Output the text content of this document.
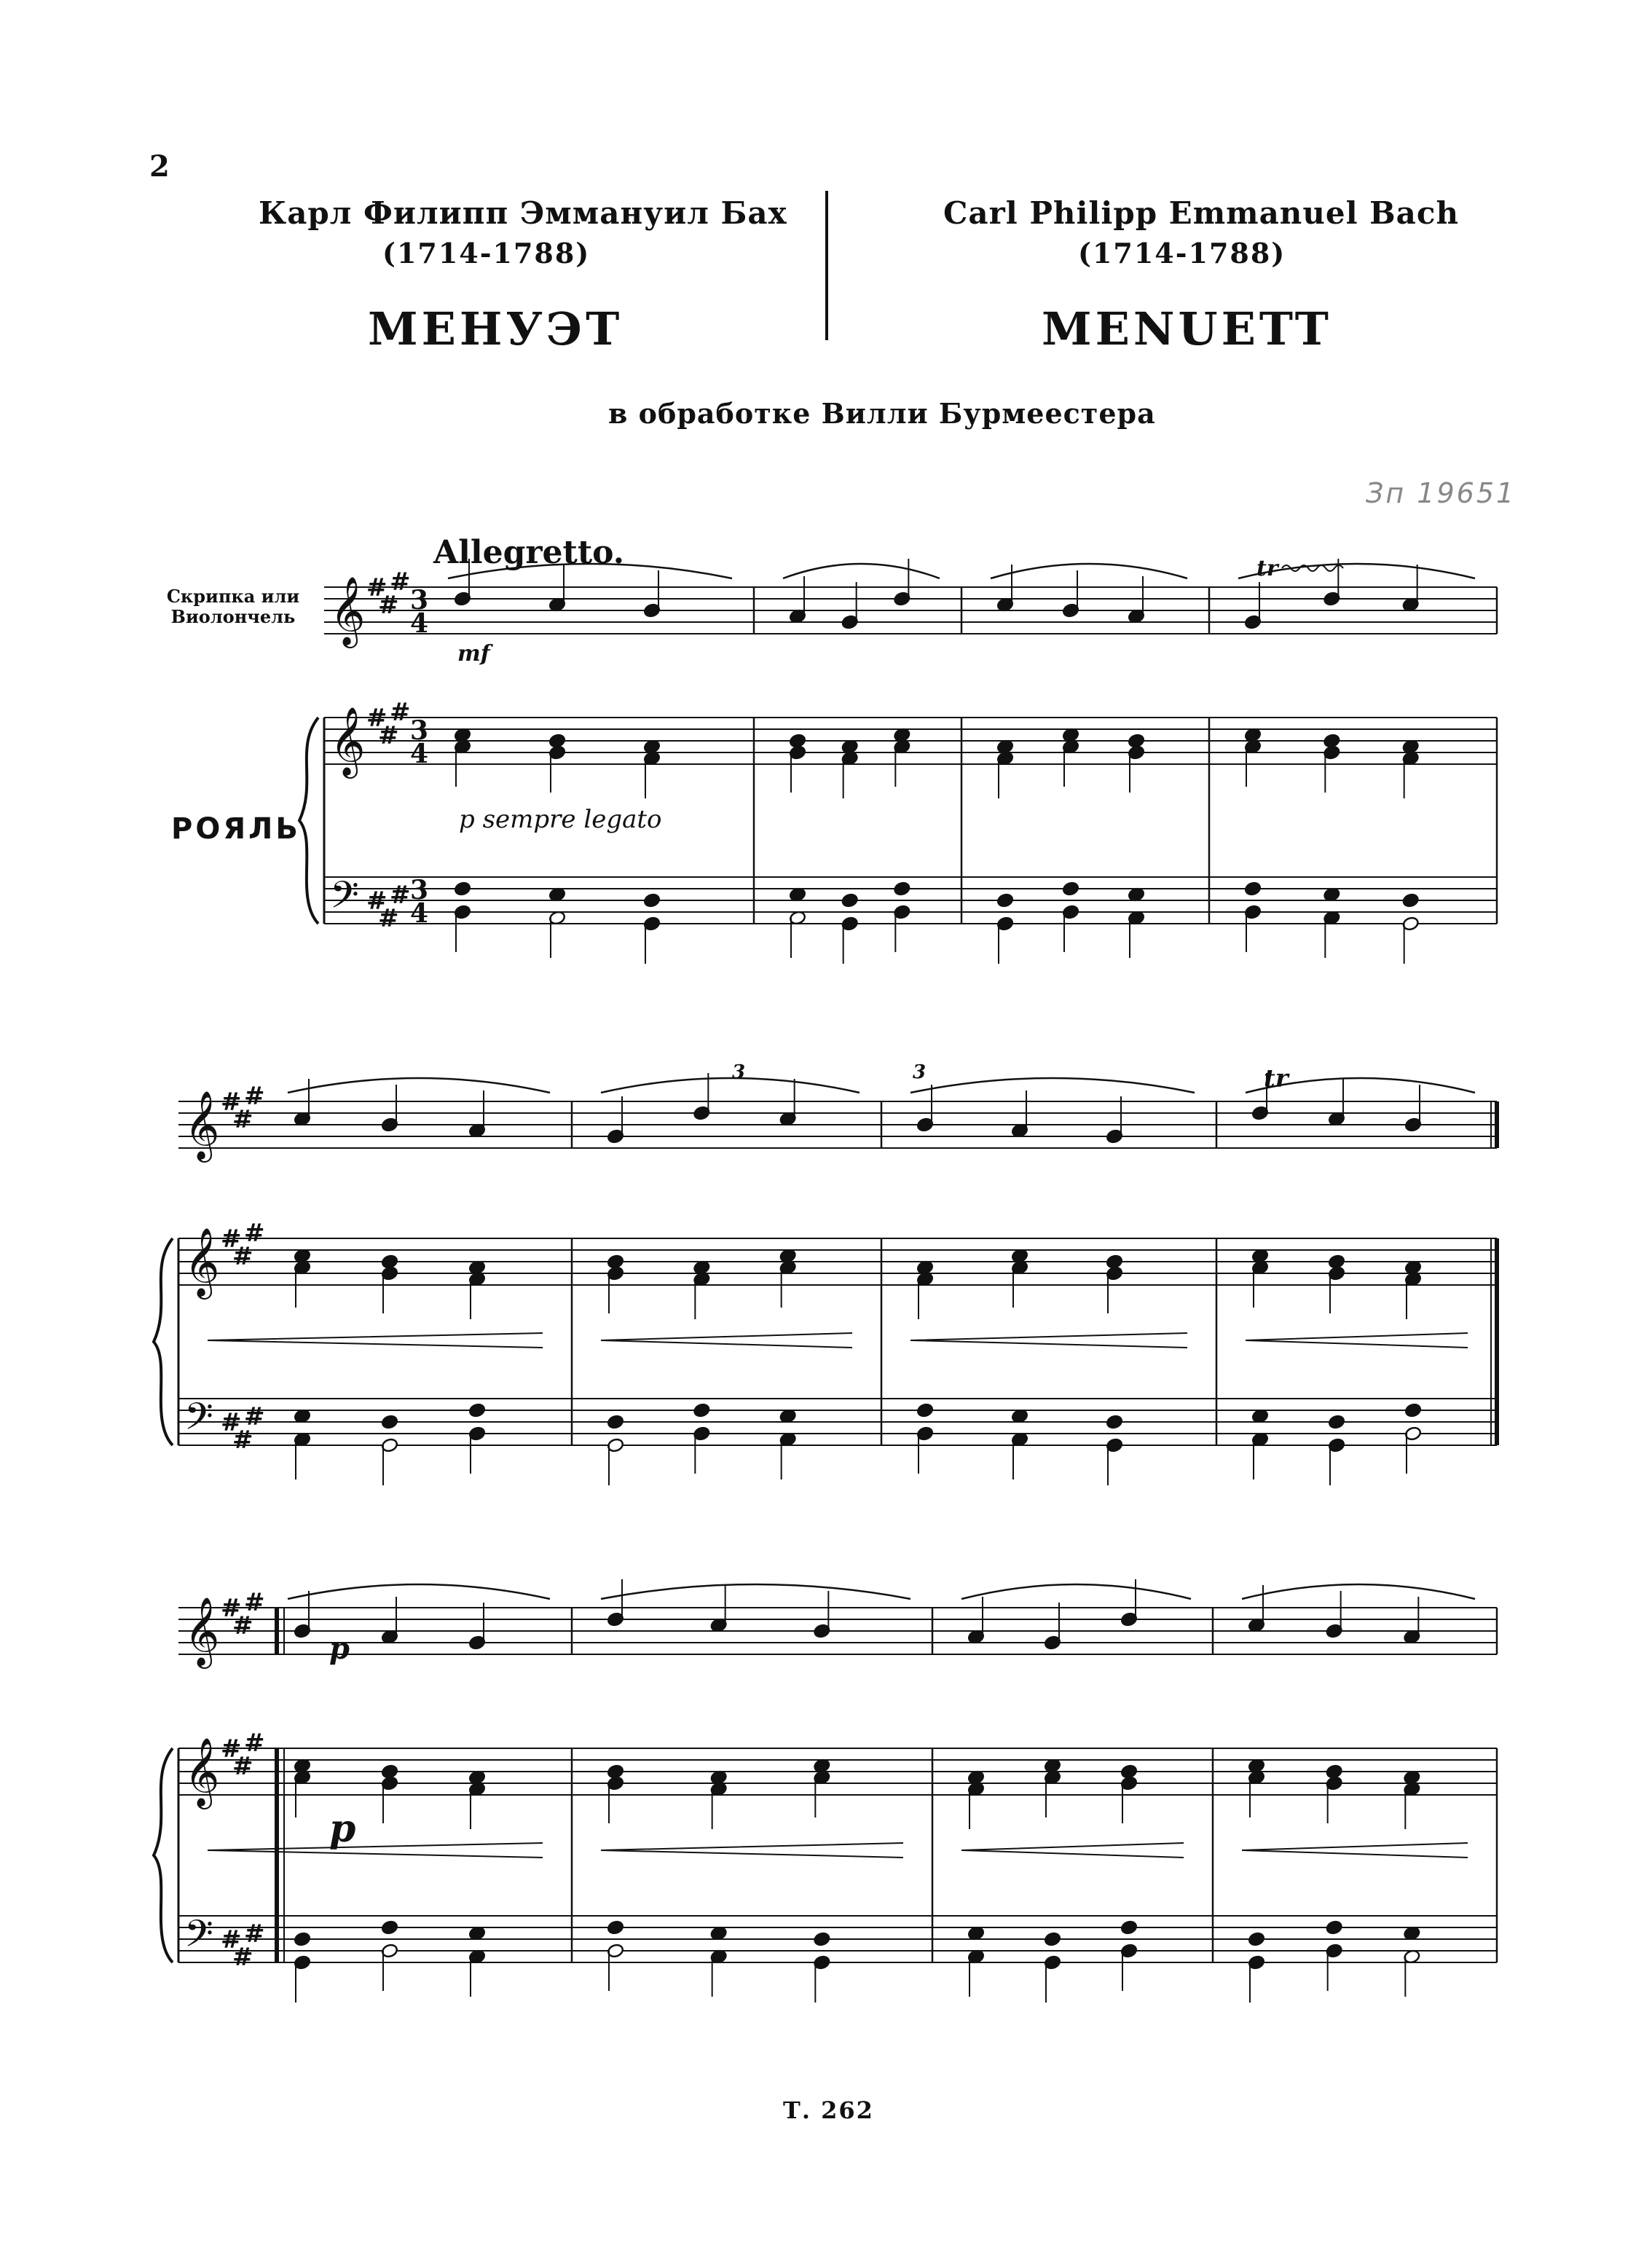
2
Карл Филипп Эммануил Бах
(1714-1788)
МЕНУЭТ
Carl Philipp Emmanuel Bach
(1714-1788)
MENUETT
в обработке Вилли Бурмеестера
Зп 19651
Allegretto.
Скрипка или
Виолончель
РОЯЛЬ
mf
p sempre legato
p
p
Т. 262
𝄞
𝄞
𝄢
#
#
#
#
#
#
#
#
#
3
4
3
4
3
4
𝄞
𝄞
𝄢
#
#
#
#
#
#
#
#
#
𝄞
𝄞
𝄢
#
#
#
#
#
#
#
#
#
tr
tr
3	3
